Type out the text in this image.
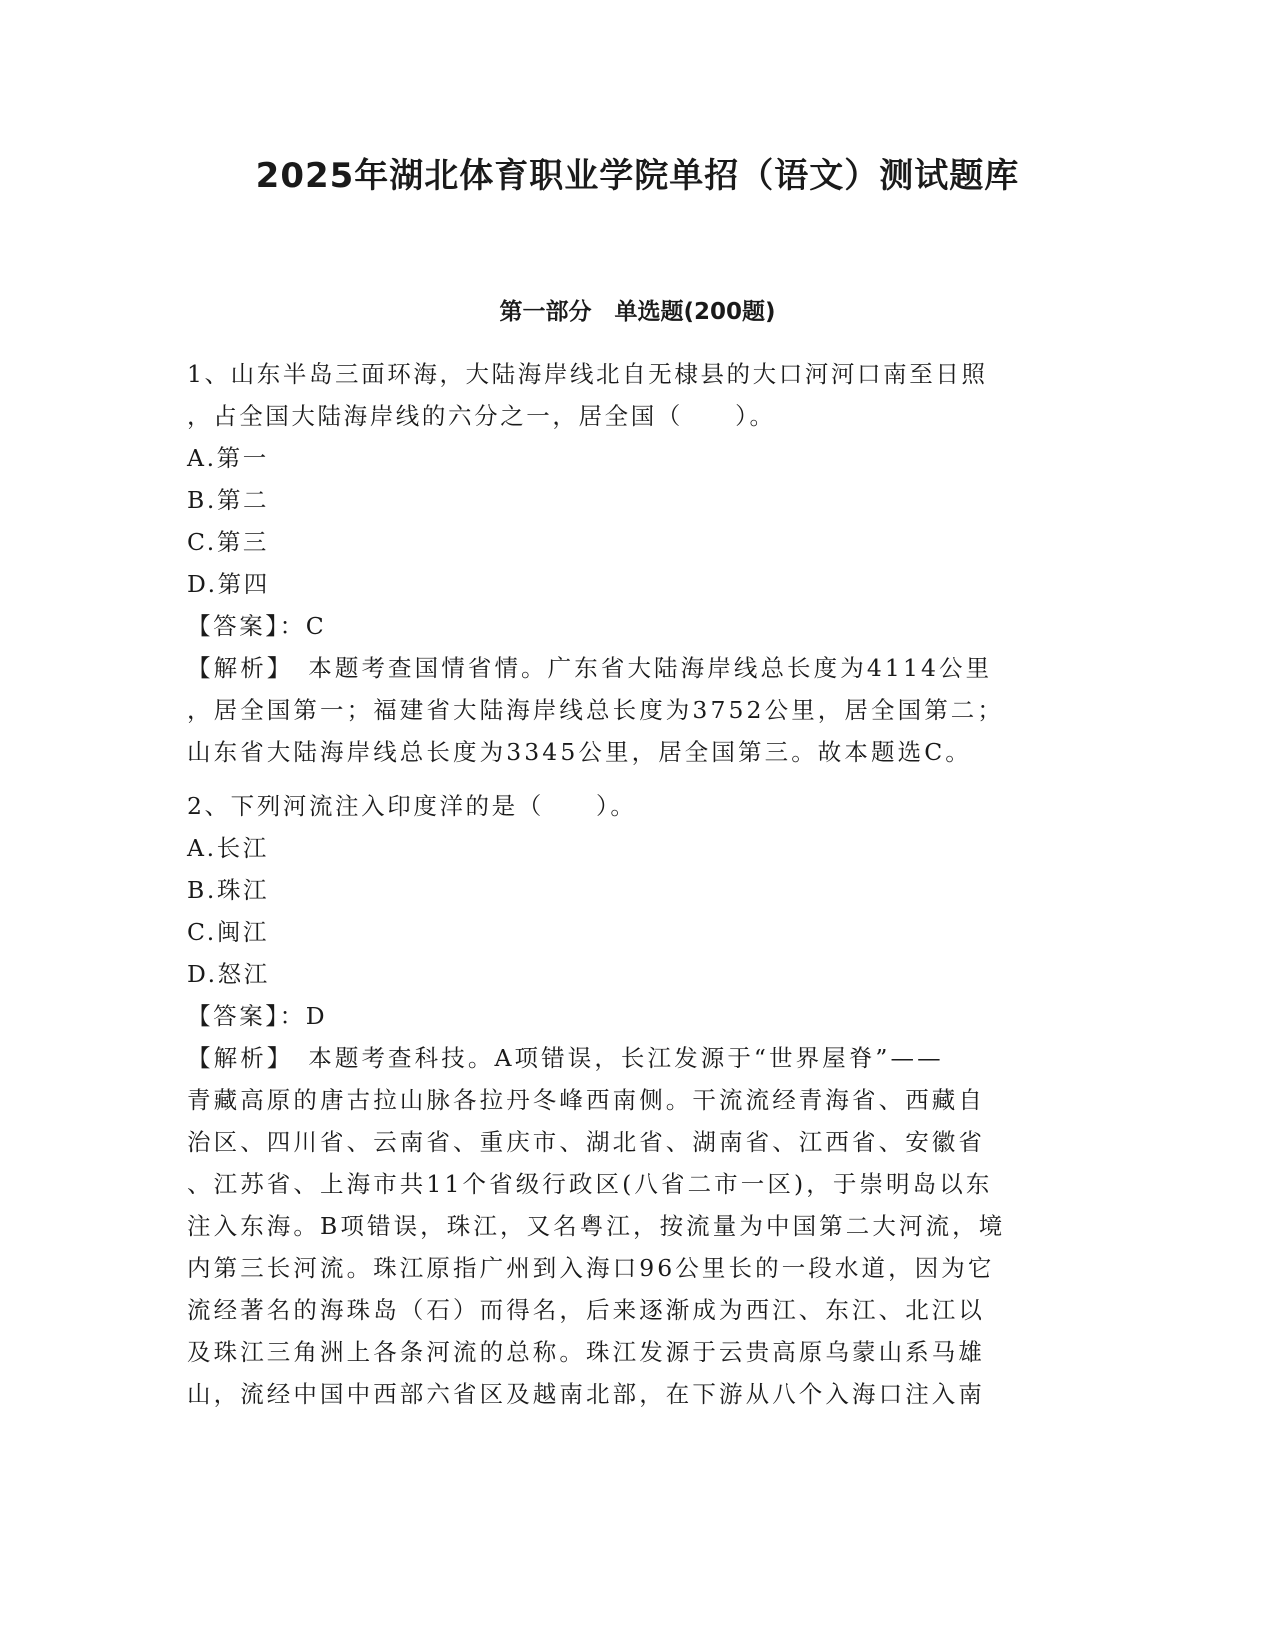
2025年湖北体育职业学院单招（语文）测试题库
第一部分　单选题(200题)
1、山东半岛三面环海，大陆海岸线北自无棣县的大口河河口南至日照
，占全国大陆海岸线的六分之一，居全国（　　）。
A.第一
B.第二
C.第三
D.第四
【答案】：C
【解析】　本题考查国情省情。广东省大陆海岸线总长度为4114公里
，居全国第一；福建省大陆海岸线总长度为3752公里，居全国第二；
山东省大陆海岸线总长度为3345公里，居全国第三。故本题选C。
2、下列河流注入印度洋的是（　　）。
A.长江
B.珠江
C.闽江
D.怒江
【答案】：D
【解析】　本题考查科技。A项错误，长江发源于“世界屋脊”——
青藏高原的唐古拉山脉各拉丹冬峰西南侧。干流流经青海省、西藏自
治区、四川省、云南省、重庆市、湖北省、湖南省、江西省、安徽省
、江苏省、上海市共11个省级行政区(八省二市一区)，于崇明岛以东
注入东海。B项错误，珠江，又名粤江，按流量为中国第二大河流，境
内第三长河流。珠江原指广州到入海口96公里长的一段水道，因为它
流经著名的海珠岛（石）而得名，后来逐渐成为西江、东江、北江以
及珠江三角洲上各条河流的总称。珠江发源于云贵高原乌蒙山系马雄
山，流经中国中西部六省区及越南北部，在下游从八个入海口注入南
